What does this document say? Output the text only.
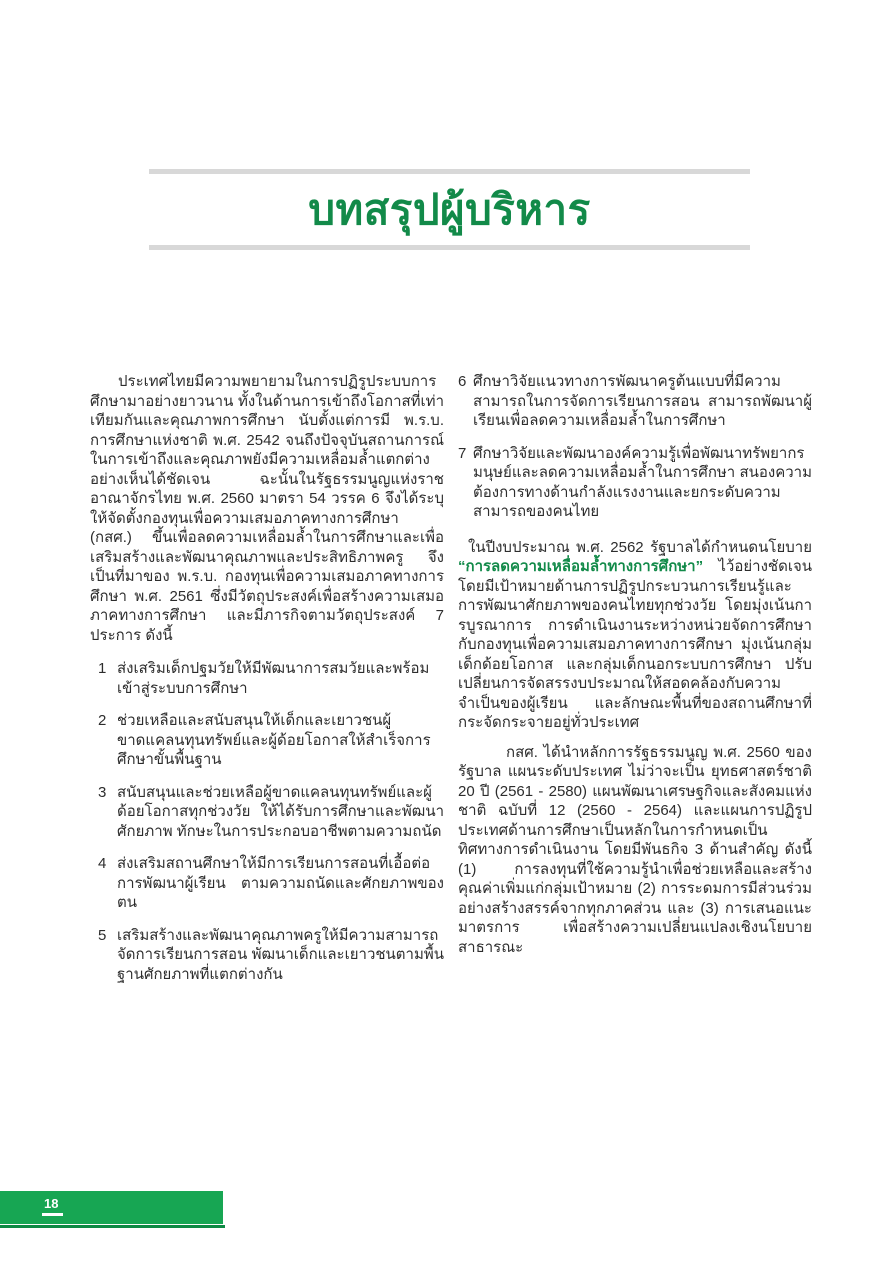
บทสรุปผู้บริหาร

ประเทศไทยมีความพยายามในการปฏิรูประบบการศึกษามาอย่างยาวนาน ทั้งในด้านการเข้าถึงโอกาสที่เท่าเทียมกันและคุณภาพการศึกษา นับตั้งแต่การมี พ.ร.บ. การศึกษาแห่งชาติ พ.ศ. 2542 จนถึงปัจจุบันสถานการณ์ในการเข้าถึงและคุณภาพยังมีความเหลื่อมล้ำแตกต่างอย่างเห็นได้ชัดเจน ฉะนั้นในรัฐธรรมนูญแห่งราชอาณาจักรไทย พ.ศ. 2560 มาตรา 54 วรรค 6 จึงได้ระบุให้จัดตั้งกองทุนเพื่อความเสมอภาคทางการศึกษา (กสศ.) ขึ้นเพื่อลดความเหลื่อมล้ำในการศึกษาและเพื่อเสริมสร้างและพัฒนาคุณภาพและประสิทธิภาพครู จึงเป็นที่มาของ พ.ร.บ. กองทุนเพื่อความเสมอภาคทางการศึกษา พ.ศ. 2561 ซึ่งมีวัตถุประสงค์เพื่อสร้างความเสมอภาคทางการศึกษา และมีภารกิจตามวัตถุประสงค์ 7 ประการ ดังนี้

1 ส่งเสริมเด็กปฐมวัยให้มีพัฒนาการสมวัยและพร้อมเข้าสู่ระบบการศึกษา
2 ช่วยเหลือและสนับสนุนให้เด็กและเยาวชนผู้ขาดแคลนทุนทรัพย์และผู้ด้อยโอกาสให้สำเร็จการศึกษาขั้นพื้นฐาน
3 สนับสนุนและช่วยเหลือผู้ขาดแคลนทุนทรัพย์และผู้ด้อยโอกาสทุกช่วงวัย ให้ได้รับการศึกษาและพัฒนาศักยภาพ ทักษะในการประกอบอาชีพตามความถนัด
4 ส่งเสริมสถานศึกษาให้มีการเรียนการสอนที่เอื้อต่อการพัฒนาผู้เรียน ตามความถนัดและศักยภาพของตน
5 เสริมสร้างและพัฒนาคุณภาพครูให้มีความสามารถจัดการเรียนการสอน พัฒนาเด็กและเยาวชนตามพื้นฐานศักยภาพที่แตกต่างกัน
6 ศึกษาวิจัยแนวทางการพัฒนาครูต้นแบบที่มีความสามารถในการจัดการเรียนการสอน สามารถพัฒนาผู้เรียนเพื่อลดความเหลื่อมล้ำในการศึกษา
7 ศึกษาวิจัยและพัฒนาองค์ความรู้เพื่อพัฒนาทรัพยากรมนุษย์และลดความเหลื่อมล้ำในการศึกษา สนองความต้องการทางด้านกำลังแรงงานและยกระดับความสามารถของคนไทย

ในปีงบประมาณ พ.ศ. 2562 รัฐบาลได้กำหนดนโยบาย “การลดความเหลื่อมล้ำทางการศึกษา” ไว้อย่างชัดเจน โดยมีเป้าหมายด้านการปฏิรูปกระบวนการเรียนรู้และการพัฒนาศักยภาพของคนไทยทุกช่วงวัย โดยมุ่งเน้นการบูรณาการ การดำเนินงานระหว่างหน่วยจัดการศึกษากับกองทุนเพื่อความเสมอภาคทางการศึกษา มุ่งเน้นกลุ่มเด็กด้อยโอกาส และกลุ่มเด็กนอกระบบการศึกษา ปรับเปลี่ยนการจัดสรรงบประมาณให้สอดคล้องกับความจำเป็นของผู้เรียน และลักษณะพื้นที่ของสถานศึกษาที่กระจัดกระจายอยู่ทั่วประเทศ

กสศ. ได้นำหลักการรัฐธรรมนูญ พ.ศ. 2560 ของรัฐบาล แผนระดับประเทศ ไม่ว่าจะเป็น ยุทธศาสตร์ชาติ 20 ปี (2561 - 2580) แผนพัฒนาเศรษฐกิจและสังคมแห่งชาติ ฉบับที่ 12 (2560 - 2564) และแผนการปฏิรูปประเทศด้านการศึกษาเป็นหลักในการกำหนดเป็นทิศทางการดำเนินงาน โดยมีพันธกิจ 3 ด้านสำคัญ ดังนี้ (1) การลงทุนที่ใช้ความรู้นำเพื่อช่วยเหลือและสร้างคุณค่าเพิ่มแก่กลุ่มเป้าหมาย (2) การระดมการมีส่วนร่วมอย่างสร้างสรรค์จากทุกภาคส่วน และ (3) การเสนอแนะมาตรการ เพื่อสร้างความเปลี่ยนแปลงเชิงนโยบายสาธารณะ

18
